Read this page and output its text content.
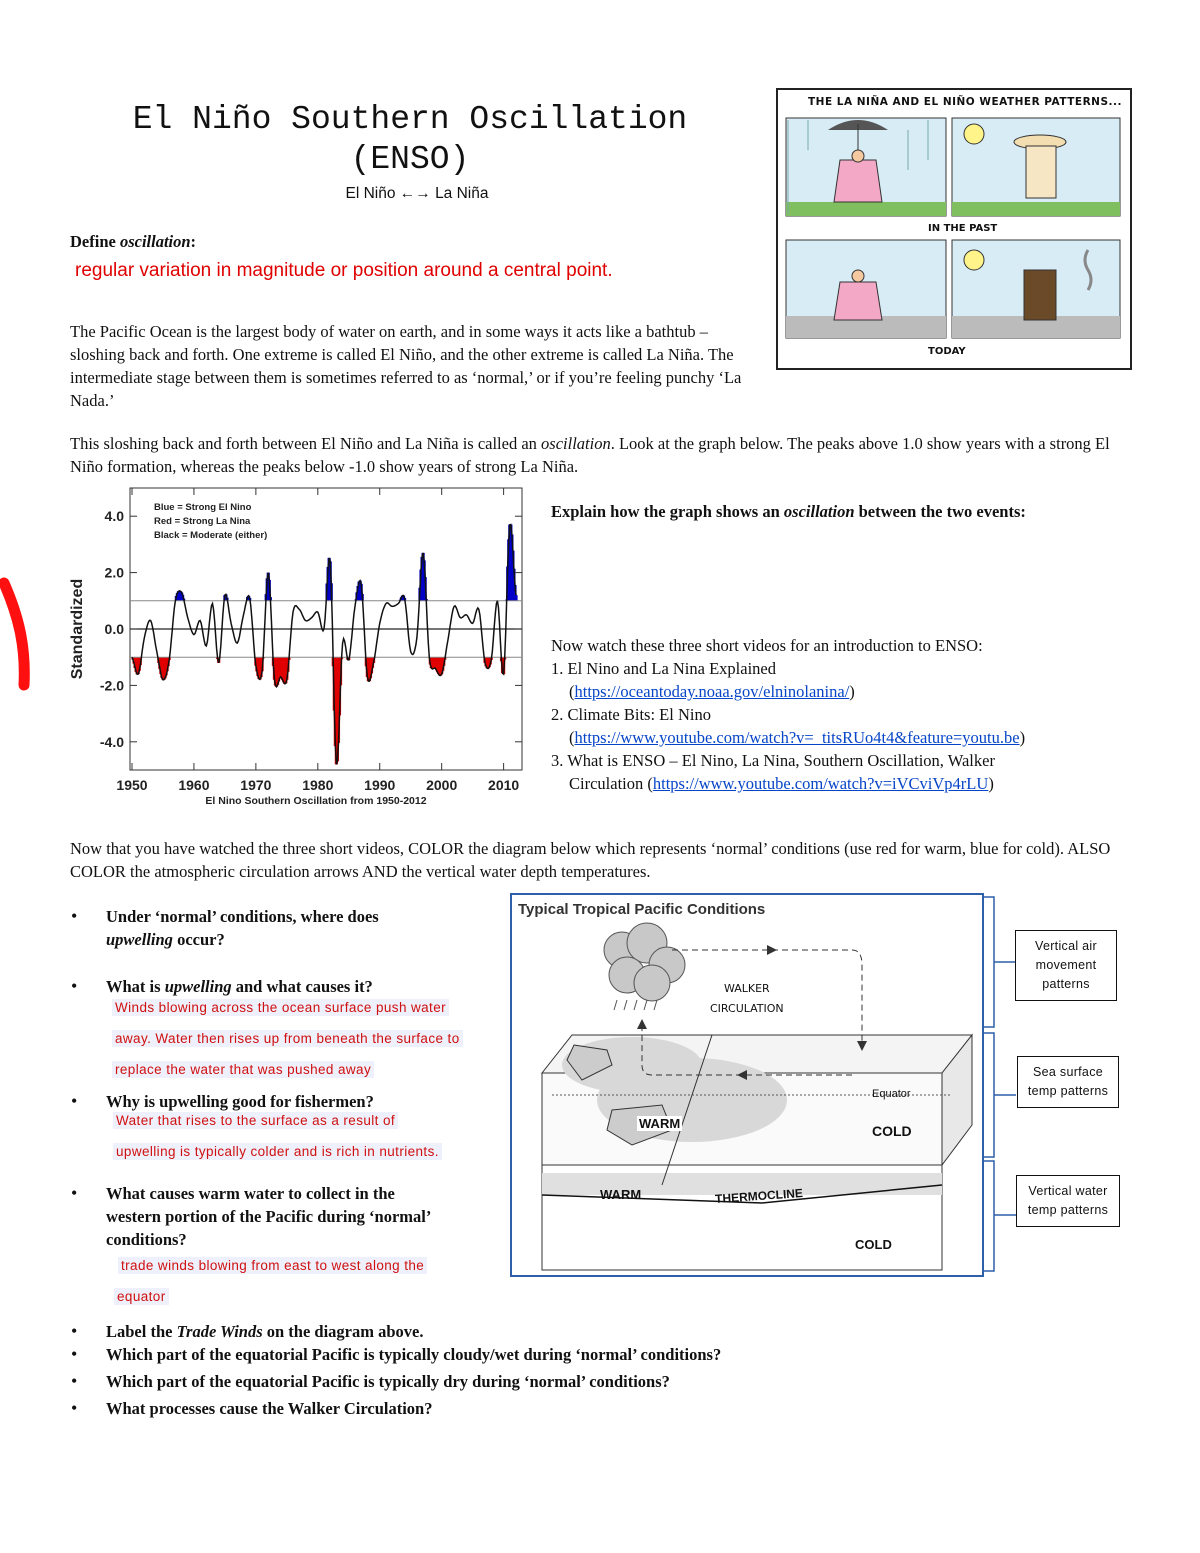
El Niño Southern Oscillation
(ENSO)
El Niño ←→ La Niña
Define oscillation:
regular variation in magnitude or position around a central point.
The Pacific Ocean is the largest body of water on earth, and in some ways it acts like a bathtub – sloshing back and forth. One extreme is called El Niño, and the other extreme is called La Niña. The intermediate stage between them is sometimes referred to as ‘normal,’ or if you’re feeling punchy ‘La Nada.’
THE LA NIÑA AND EL NIÑO WEATHER PATTERNS...
IN THE PAST
TODAY
This sloshing back and forth between El Niño and La Niña is called an oscillation. Look at the graph below. The peaks above 1.0 show years with a strong El Niño formation, whereas the peaks below -1.0 show years of strong La Niña.
4.0
2.0
0.0
-2.0
-4.0
1950 1960 1970 1980 1990 2000 2010
El Nino Southern Oscillation from 1950-2012
Standardized
Blue = Strong El Nino
Red = Strong La Nina
Black = Moderate (either)
Explain how the graph shows an oscillation between the two events:
Now watch these three short videos for an introduction to ENSO:
1. El Nino and La Nina Explained
(https://oceantoday.noaa.gov/elninolanina/)
2. Climate Bits: El Nino
(https://www.youtube.com/watch?v=_titsRUo4t4&feature=youtu.be)
3. What is ENSO – El Nino, La Nina, Southern Oscillation, Walker
Circulation (https://www.youtube.com/watch?v=iVCviVp4rLU)
Now that you have watched the three short videos, COLOR the diagram below which represents ‘normal’ conditions (use red for warm, blue for cold). ALSO COLOR the atmospheric circulation arrows AND the vertical water depth temperatures.
Typical Tropical Pacific Conditions
WALKER
CIRCULATION
Equator
WARM	COLD
WARM	THERMOCLINE
COLD
Vertical air movement patterns
Sea surface temp patterns
Vertical water temp patterns
• Under ‘normal’ conditions, where does
upwelling occur?
• What is upwelling and what causes it?
Winds blowing across the ocean surface push water
away. Water then rises up from beneath the surface to
replace the water that was pushed away
• Why is upwelling good for fishermen?
Water that rises to the surface as a result of
upwelling is typically colder and is rich in nutrients.
• What causes warm water to collect in the
western portion of the Pacific during ‘normal’
conditions?
trade winds blowing from east to west along the
equator
• Label the Trade Winds on the diagram above.
• Which part of the equatorial Pacific is typically cloudy/wet during ‘normal’ conditions?
• Which part of the equatorial Pacific is typically dry during ‘normal’ conditions?
• What processes cause the Walker Circulation?
